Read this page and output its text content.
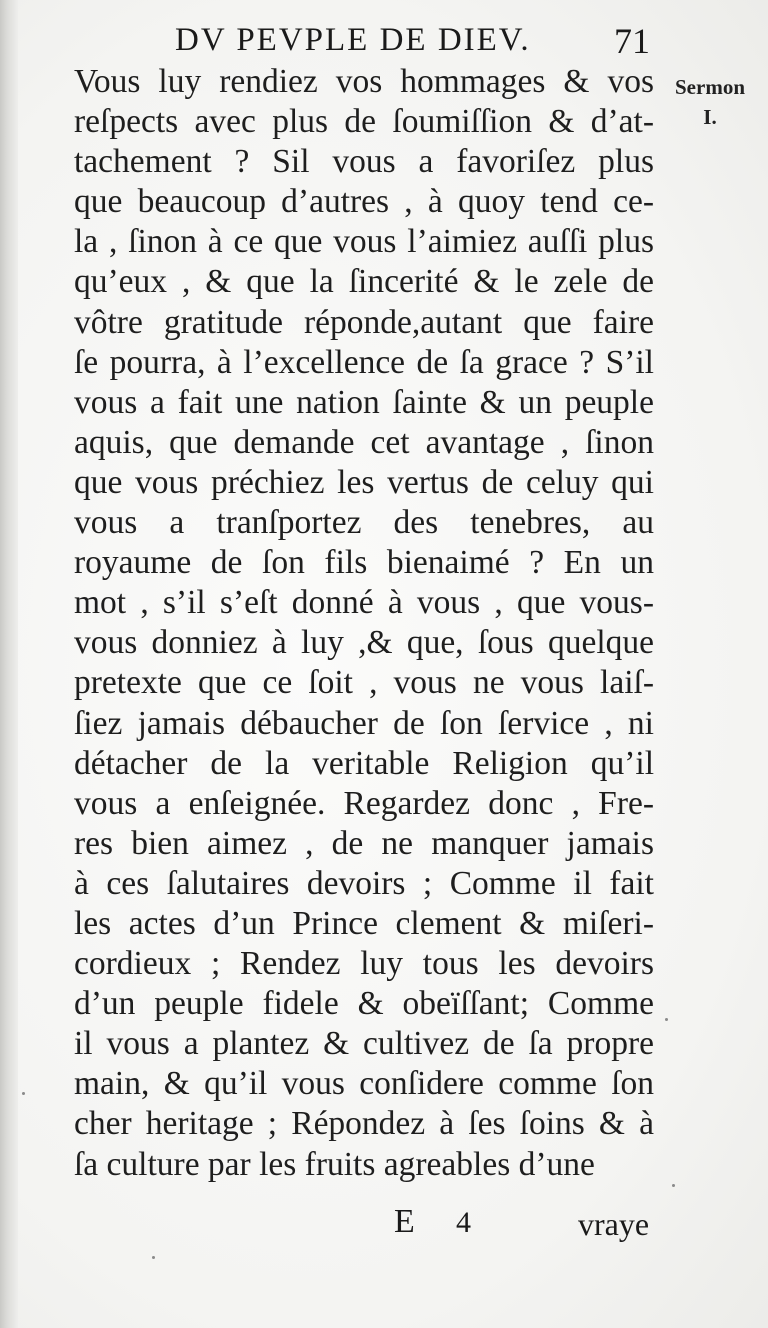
DV PEVPLE DE DIEV. 71
Sermon
I.
Vous luy rendiez vos hommages & vos
reſpects avec plus de ſoumiſſion & d’at-
tachement ? Sil vous a favoriſez plus
que beaucoup d’autres , à quoy tend ce-
la , ſinon à ce que vous l’aimiez auſſi plus
qu’eux , & que la ſincerité & le zele de
vôtre gratitude réponde,autant que faire
ſe pourra, à l’excellence de ſa grace ? S’il
vous a fait une nation ſainte & un peuple
aquis, que demande cet avantage , ſinon
que vous préchiez les vertus de celuy qui
vous a tranſportez des tenebres, au
royaume de ſon fils bienaimé ? En un
mot , s’il s’eſt donné à vous , que vous-
vous donniez à luy ,& que, ſous quelque
pretexte que ce ſoit , vous ne vous laiſ-
ſiez jamais débaucher de ſon ſervice , ni
détacher de la veritable Religion qu’il
vous a enſeignée. Regardez donc , Fre-
res bien aimez , de ne manquer jamais
à ces ſalutaires devoirs ; Comme il fait
les actes d’un Prince clement & miſeri-
cordieux ; Rendez luy tous les devoirs
d’un peuple fidele & obeïſſant; Comme
il vous a plantez & cultivez de ſa propre
main, & qu’il vous conſidere comme ſon
cher heritage ; Répondez à ſes ſoins & à
ſa culture par les fruits agreables d’une
E 4	vraye
